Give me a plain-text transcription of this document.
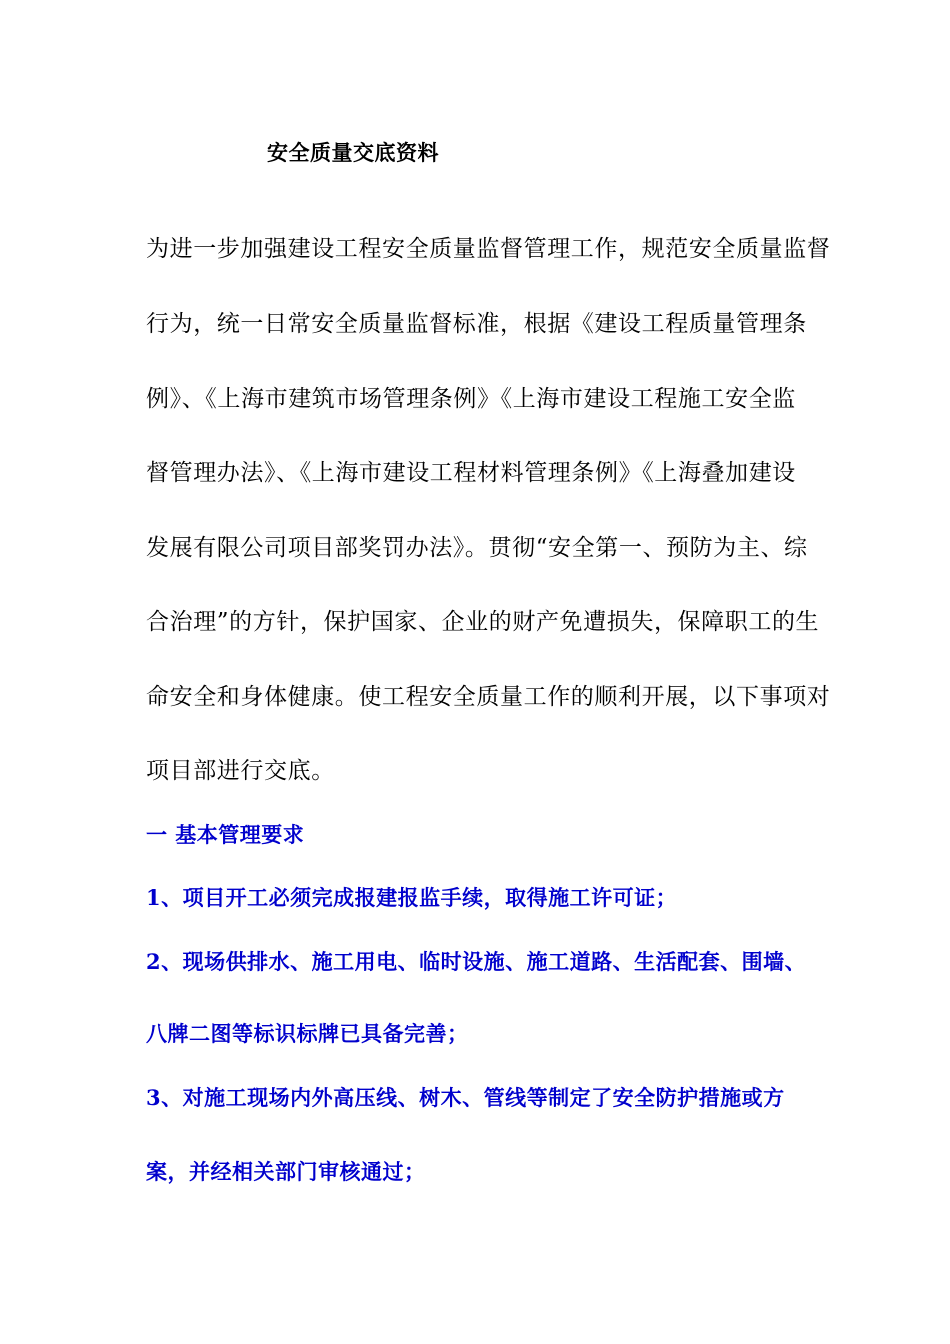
安全质量交底资料
为进一步加强建设工程安全质量监督管理工作，规范安全质量监督
行为，统一日常安全质量监督标准，根据《建设工程质量管理条
例》、《上海市建筑市场管理条例》《上海市建设工程施工安全监
督管理办法》、《上海市建设工程材料管理条例》《上海叠加建设
发展有限公司项目部奖罚办法》。贯彻“安全第一、预防为主、综
合治理”的方针，保护国家、企业的财产免遭损失，保障职工的生
命安全和身体健康。使工程安全质量工作的顺利开展，以下事项对
项目部进行交底。
一 基本管理要求
1、项目开工必须完成报建报监手续，取得施工许可证；
2、现场供排水、施工用电、临时设施、施工道路、生活配套、围墙、
八牌二图等标识标牌已具备完善；
3、对施工现场内外高压线、树木、管线等制定了安全防护措施或方
案，并经相关部门审核通过；
